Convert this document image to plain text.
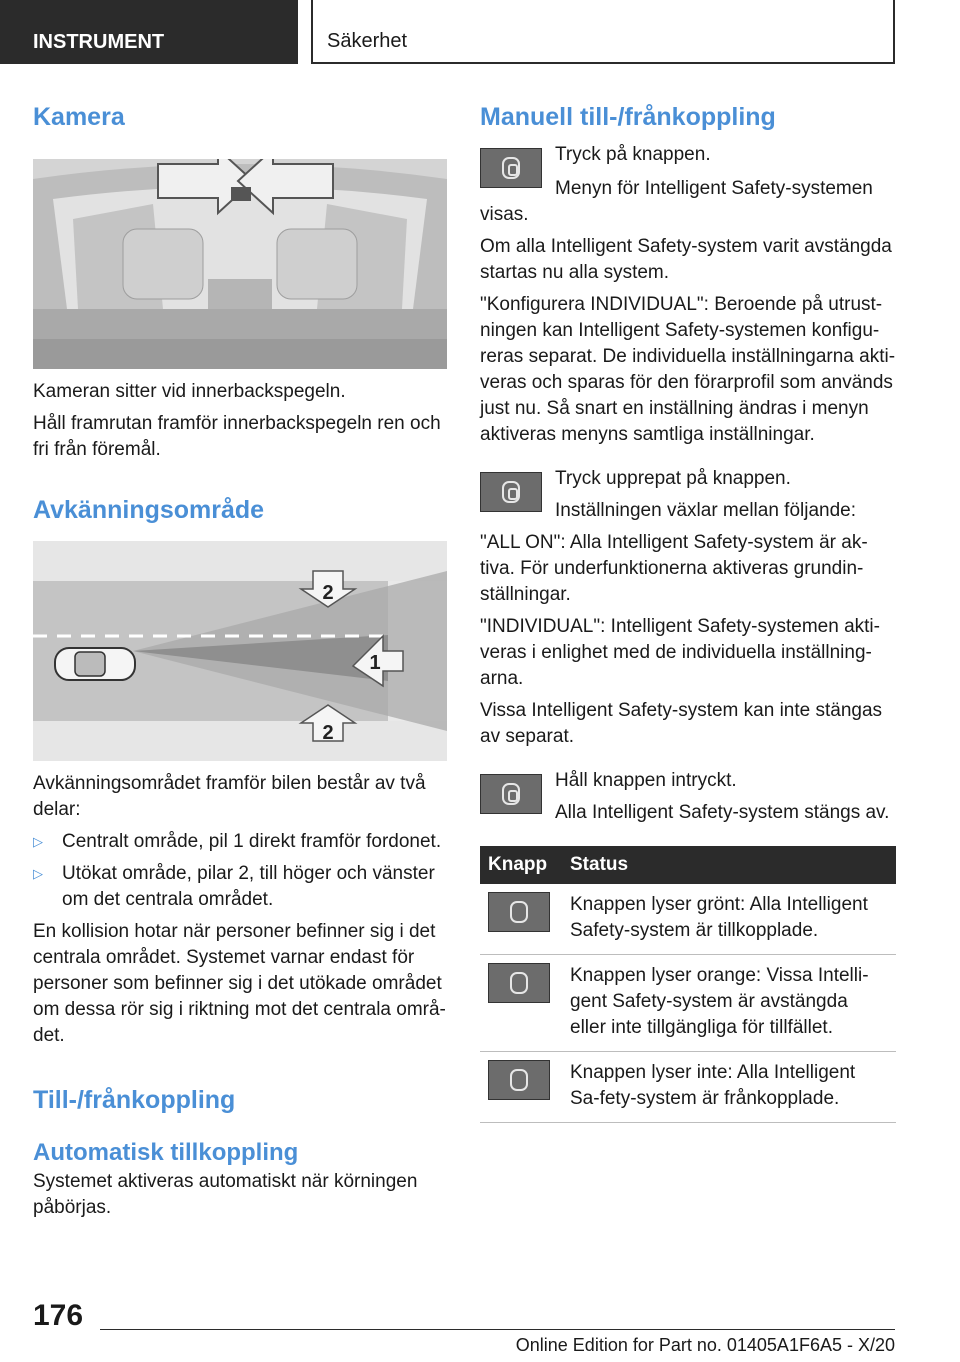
INSTRUMENT	Säkerhet
Kamera

Kameran sitter vid innerbackspegeln.

Håll framrutan framför innerbackspegeln ren och fri från föremål.

Avkänningsområde
2
1
2

Avkänningsområdet framför bilen består av två delar:

▷ Centralt område, pil 1 direkt framför fordonet.
▷ Utökat område, pilar 2, till höger och vänster om det centrala området.

En kollision hotar när personer befinner sig i det centrala området. Systemet varnar endast för personer som befinner sig i det utökade området om dessa rör sig i riktning mot det centrala områ-det.

Till-/frånkoppling
Automatisk tillkoppling

Systemet aktiveras automatiskt när körningen påbörjas.

Manuell till-/frånkoppling

Tryck på knappen.

Menyn för Intelligent Safety-systemen visas.

Om alla Intelligent Safety-system varit avstängda startas nu alla system.

"Konfigurera INDIVIDUAL": Beroende på utrust-ningen kan Intelligent Safety-systemen konfigu-reras separat. De individuella inställningarna akti-veras och sparas för den förarprofil som används just nu. Så snart en inställning ändras i menyn aktiveras menyns samtliga inställningar.

Tryck upprepat på knappen.

Inställningen växlar mellan följande:

"ALL ON": Alla Intelligent Safety-system är ak-tiva. För underfunktionerna aktiveras grundin-ställningar.

"INDIVIDUAL": Intelligent Safety-systemen akti-veras i enlighet med de individuella inställning-arna.

Vissa Intelligent Safety-system kan inte stängas av separat.

Håll knappen intryckt.

Alla Intelligent Safety-system stängs av.

Knapp	Status

	Knappen lyser grönt: Alla Intelligent Safety-system är tillkopplade.

	Knappen lyser orange: Vissa Intelli-gent Safety-system är avstängda eller inte tillgängliga för tillfället.

	Knappen lyser inte: Alla Intelligent Sa-fety-system är frånkopplade.
176
Online Edition for Part no. 01405A1F6A5 - X/20
